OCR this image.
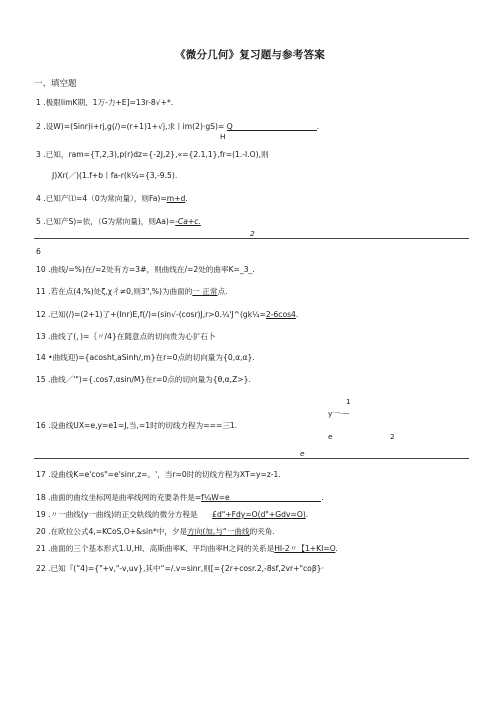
《微分几何》复习题与参考答案
一、填空题
1 .极限limK期、1万-力+E]=13r-8√+*.
2 .设W)=(Sinr)i+rj,g(/)=(r+1)1+√j,求丨im(2)·gS)= Q	.
H
3 .已知，ram={T,2,3),p(r)dz={-2J,2},«={2.1,1},fr=(1.-I.O),则
J)Xr(／)(1.f+b丨fa-r(k¼={3,-9.5).
4 .已知产⑴=4（0为常向量），则Fa)=m+d.
5 .已知产S)=依，（G为常向量)，则Aa)=-Ca+c.
2
6
10 .曲线/=%)在/=2处有方=3#，则曲线在/=2处的曲率K=_3_.
11 .若在点(4,%)处ζ,χ彳≠0,则3",%)为曲面的一 正常点.
12 .已知(/)=(2+1)了+(Inr)E,f(/)=(sin√-(cosr)J,r>0.¼'J^(gk¼=2-6cos4.
13 .曲线了(，)=｛〃/4}在随意点的切向贵为心犷石卜
14 •曲线迎)={acosht,aSinh∕,m}在r=0点的切向量为{0,α,α}.
15 .曲线／'")={.cos7,αsin∕M}在r=0点的切向量为{θ,α,Z>}.
1
y一·—
16 .设曲线UX=e,y=e1=J,当,=1时的切线方程为===三1.
e	2
e
17 .设曲线K=e'cos"=e'sinr,z=。'，当r=0时的切线方程为XT=y=z-1.
18 .曲面的曲纹坐标网是曲率线网的充要条件是=f¼W=e	.
19 .〃一曲线(y一曲线)的正交轨线的微分方程是 £d"+Fdy=O(d"+Gdv=O).
20 .在欧拉公式4,=KCoS,O+&sin*中，夕是方向(加,与“一曲线的夹角.
21 .曲面的三个基本形式1.U,HI、高斯曲率K、平均曲率H之间的关系是HI-2〃【1+KI=O.
22 .已知『(“4)={"+v,"-v,uv},其中“=/.v=sinr,则[={2r+cosr.2,-8sf,2vr+"coβ}·
